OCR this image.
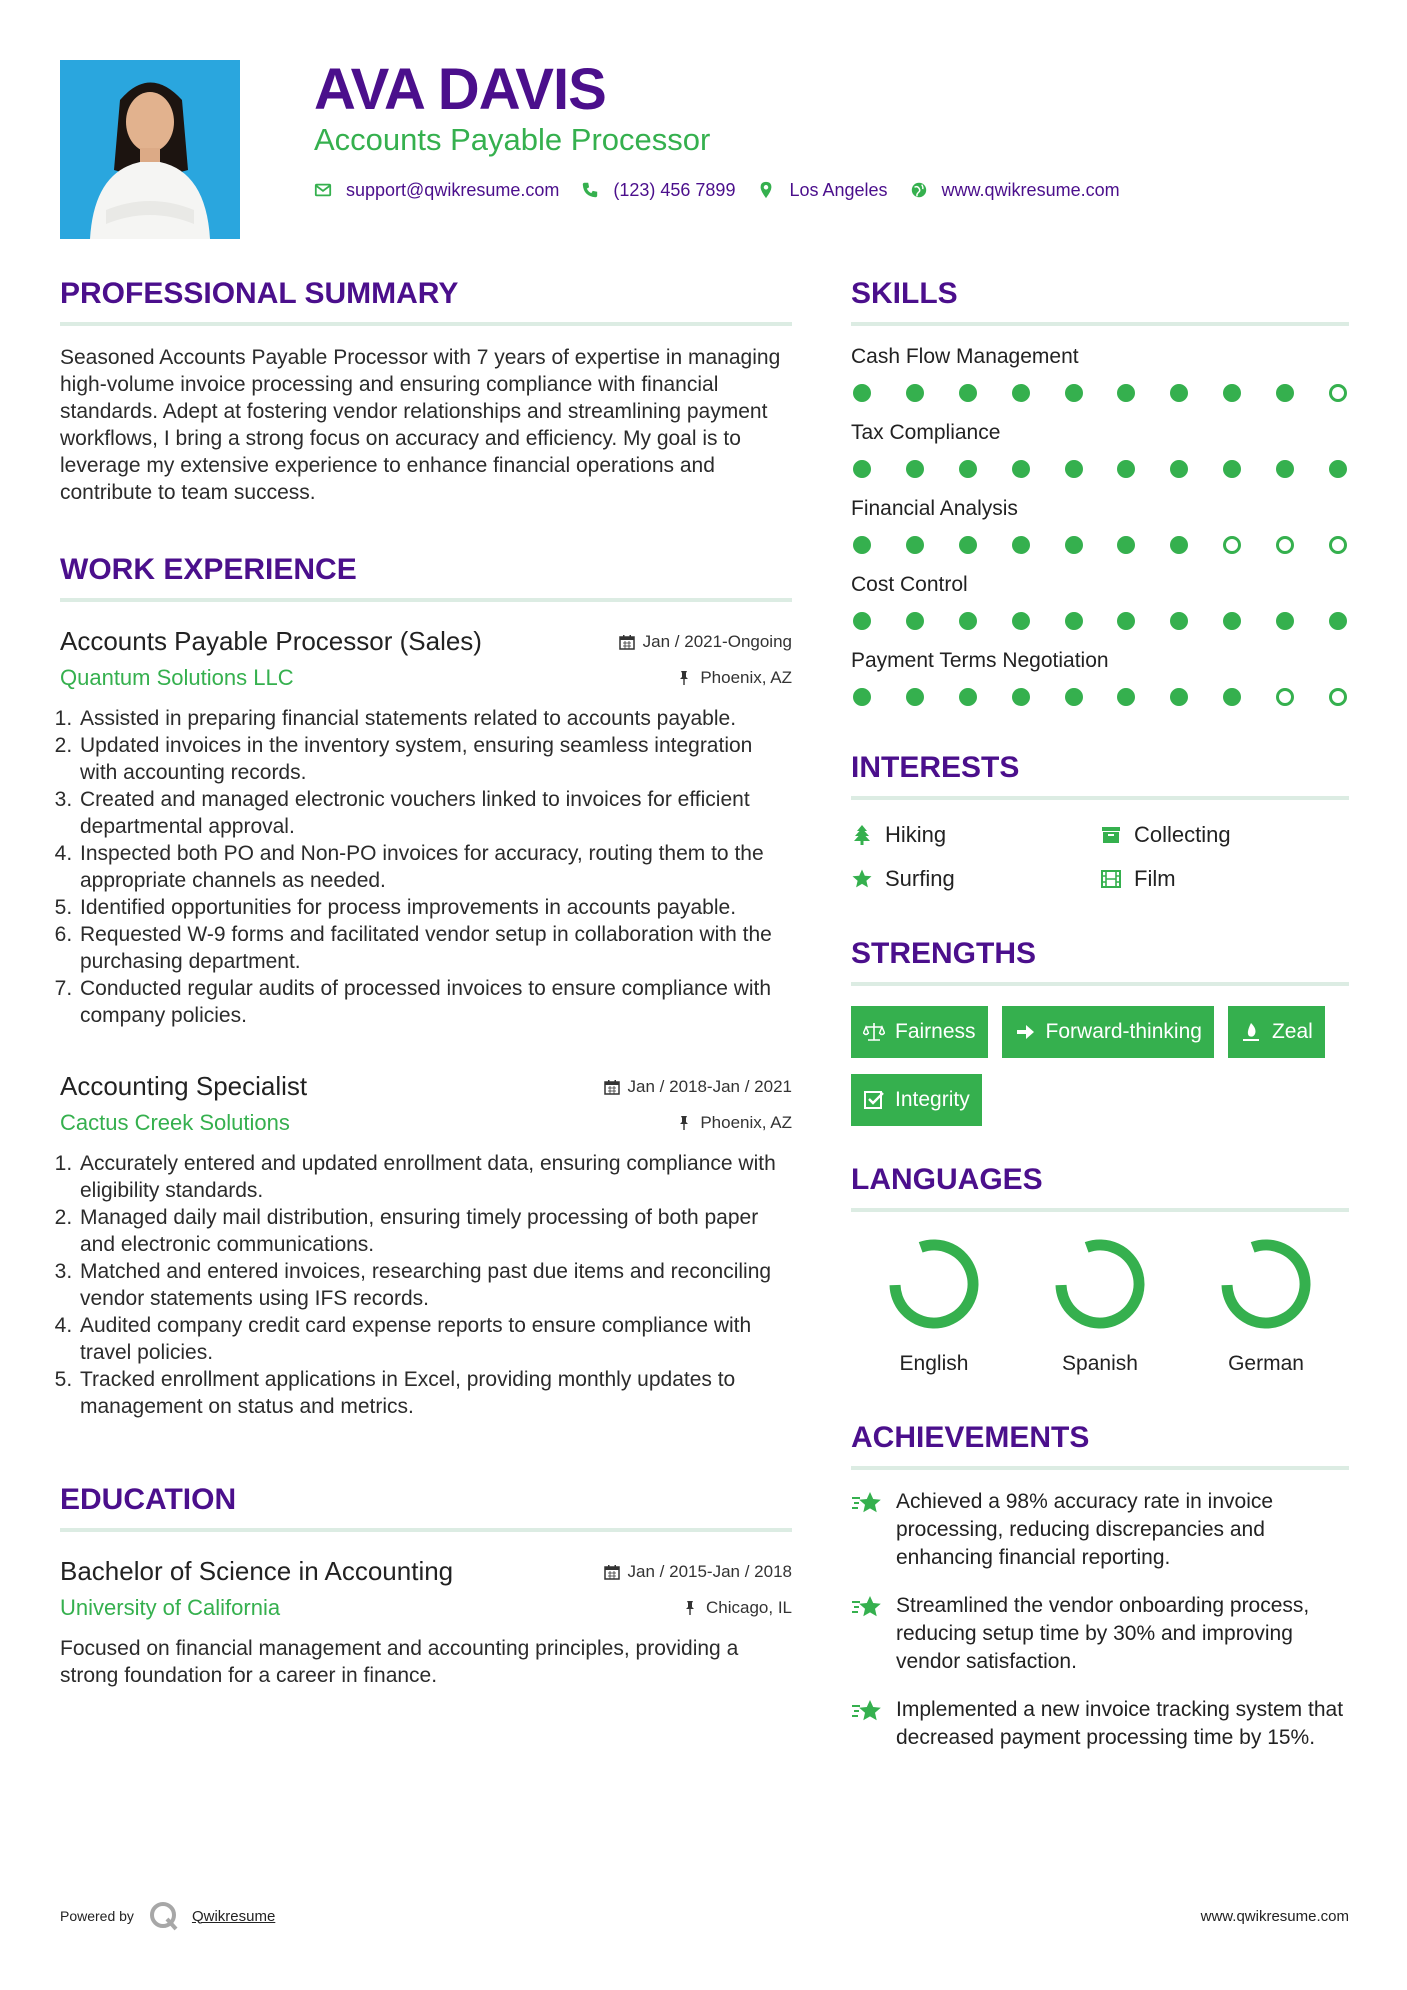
AVA DAVIS
Accounts Payable Processor
support@qwikresume.com	(123) 456 7899	Los Angeles	www.qwikresume.com
PROFESSIONAL SUMMARY

Seasoned Accounts Payable Processor with 7 years of expertise in managing high-volume invoice processing and ensuring compliance with financial standards. Adept at fostering vendor relationships and streamlining payment workflows, I bring a strong focus on accuracy and efficiency. My goal is to leverage my extensive experience to enhance financial operations and contribute to team success.

WORK EXPERIENCE
Accounts Payable Processor (Sales)	Jan / 2021-Ongoing
Quantum Solutions LLC	Phoenix, AZ
1. Assisted in preparing financial statements related to accounts payable.
2. Updated invoices in the inventory system, ensuring seamless integration with accounting records.
3. Created and managed electronic vouchers linked to invoices for efficient departmental approval.
4. Inspected both PO and Non-PO invoices for accuracy, routing them to the appropriate channels as needed.
5. Identified opportunities for process improvements in accounts payable.
6. Requested W-9 forms and facilitated vendor setup in collaboration with the purchasing department.
7. Conducted regular audits of processed invoices to ensure compliance with company policies.
Accounting Specialist	Jan / 2018-Jan / 2021
Cactus Creek Solutions	Phoenix, AZ
1. Accurately entered and updated enrollment data, ensuring compliance with eligibility standards.
2. Managed daily mail distribution, ensuring timely processing of both paper and electronic communications.
3. Matched and entered invoices, researching past due items and reconciling vendor statements using IFS records.
4. Audited company credit card expense reports to ensure compliance with travel policies.
5. Tracked enrollment applications in Excel, providing monthly updates to management on status and metrics.
EDUCATION
Bachelor of Science in Accounting	Jan / 2015-Jan / 2018
University of California	Chicago, IL
Focused on financial management and accounting principles, providing a strong foundation for a career in finance.
SKILLS
Cash Flow Management
Tax Compliance
Financial Analysis
Cost Control
Payment Terms Negotiation
INTERESTS
Hiking	Collecting
Surfing	Film
STRENGTHS
Fairness	Forward-thinking	Zeal
Integrity
LANGUAGES
English	Spanish	German
ACHIEVEMENTS
Achieved a 98% accuracy rate in invoice processing, reducing discrepancies and enhancing financial reporting.
Streamlined the vendor onboarding process, reducing setup time by 30% and improving vendor satisfaction.
Implemented a new invoice tracking system that decreased payment processing time by 15%.
Powered by	Qwikresume	www.qwikresume.com
